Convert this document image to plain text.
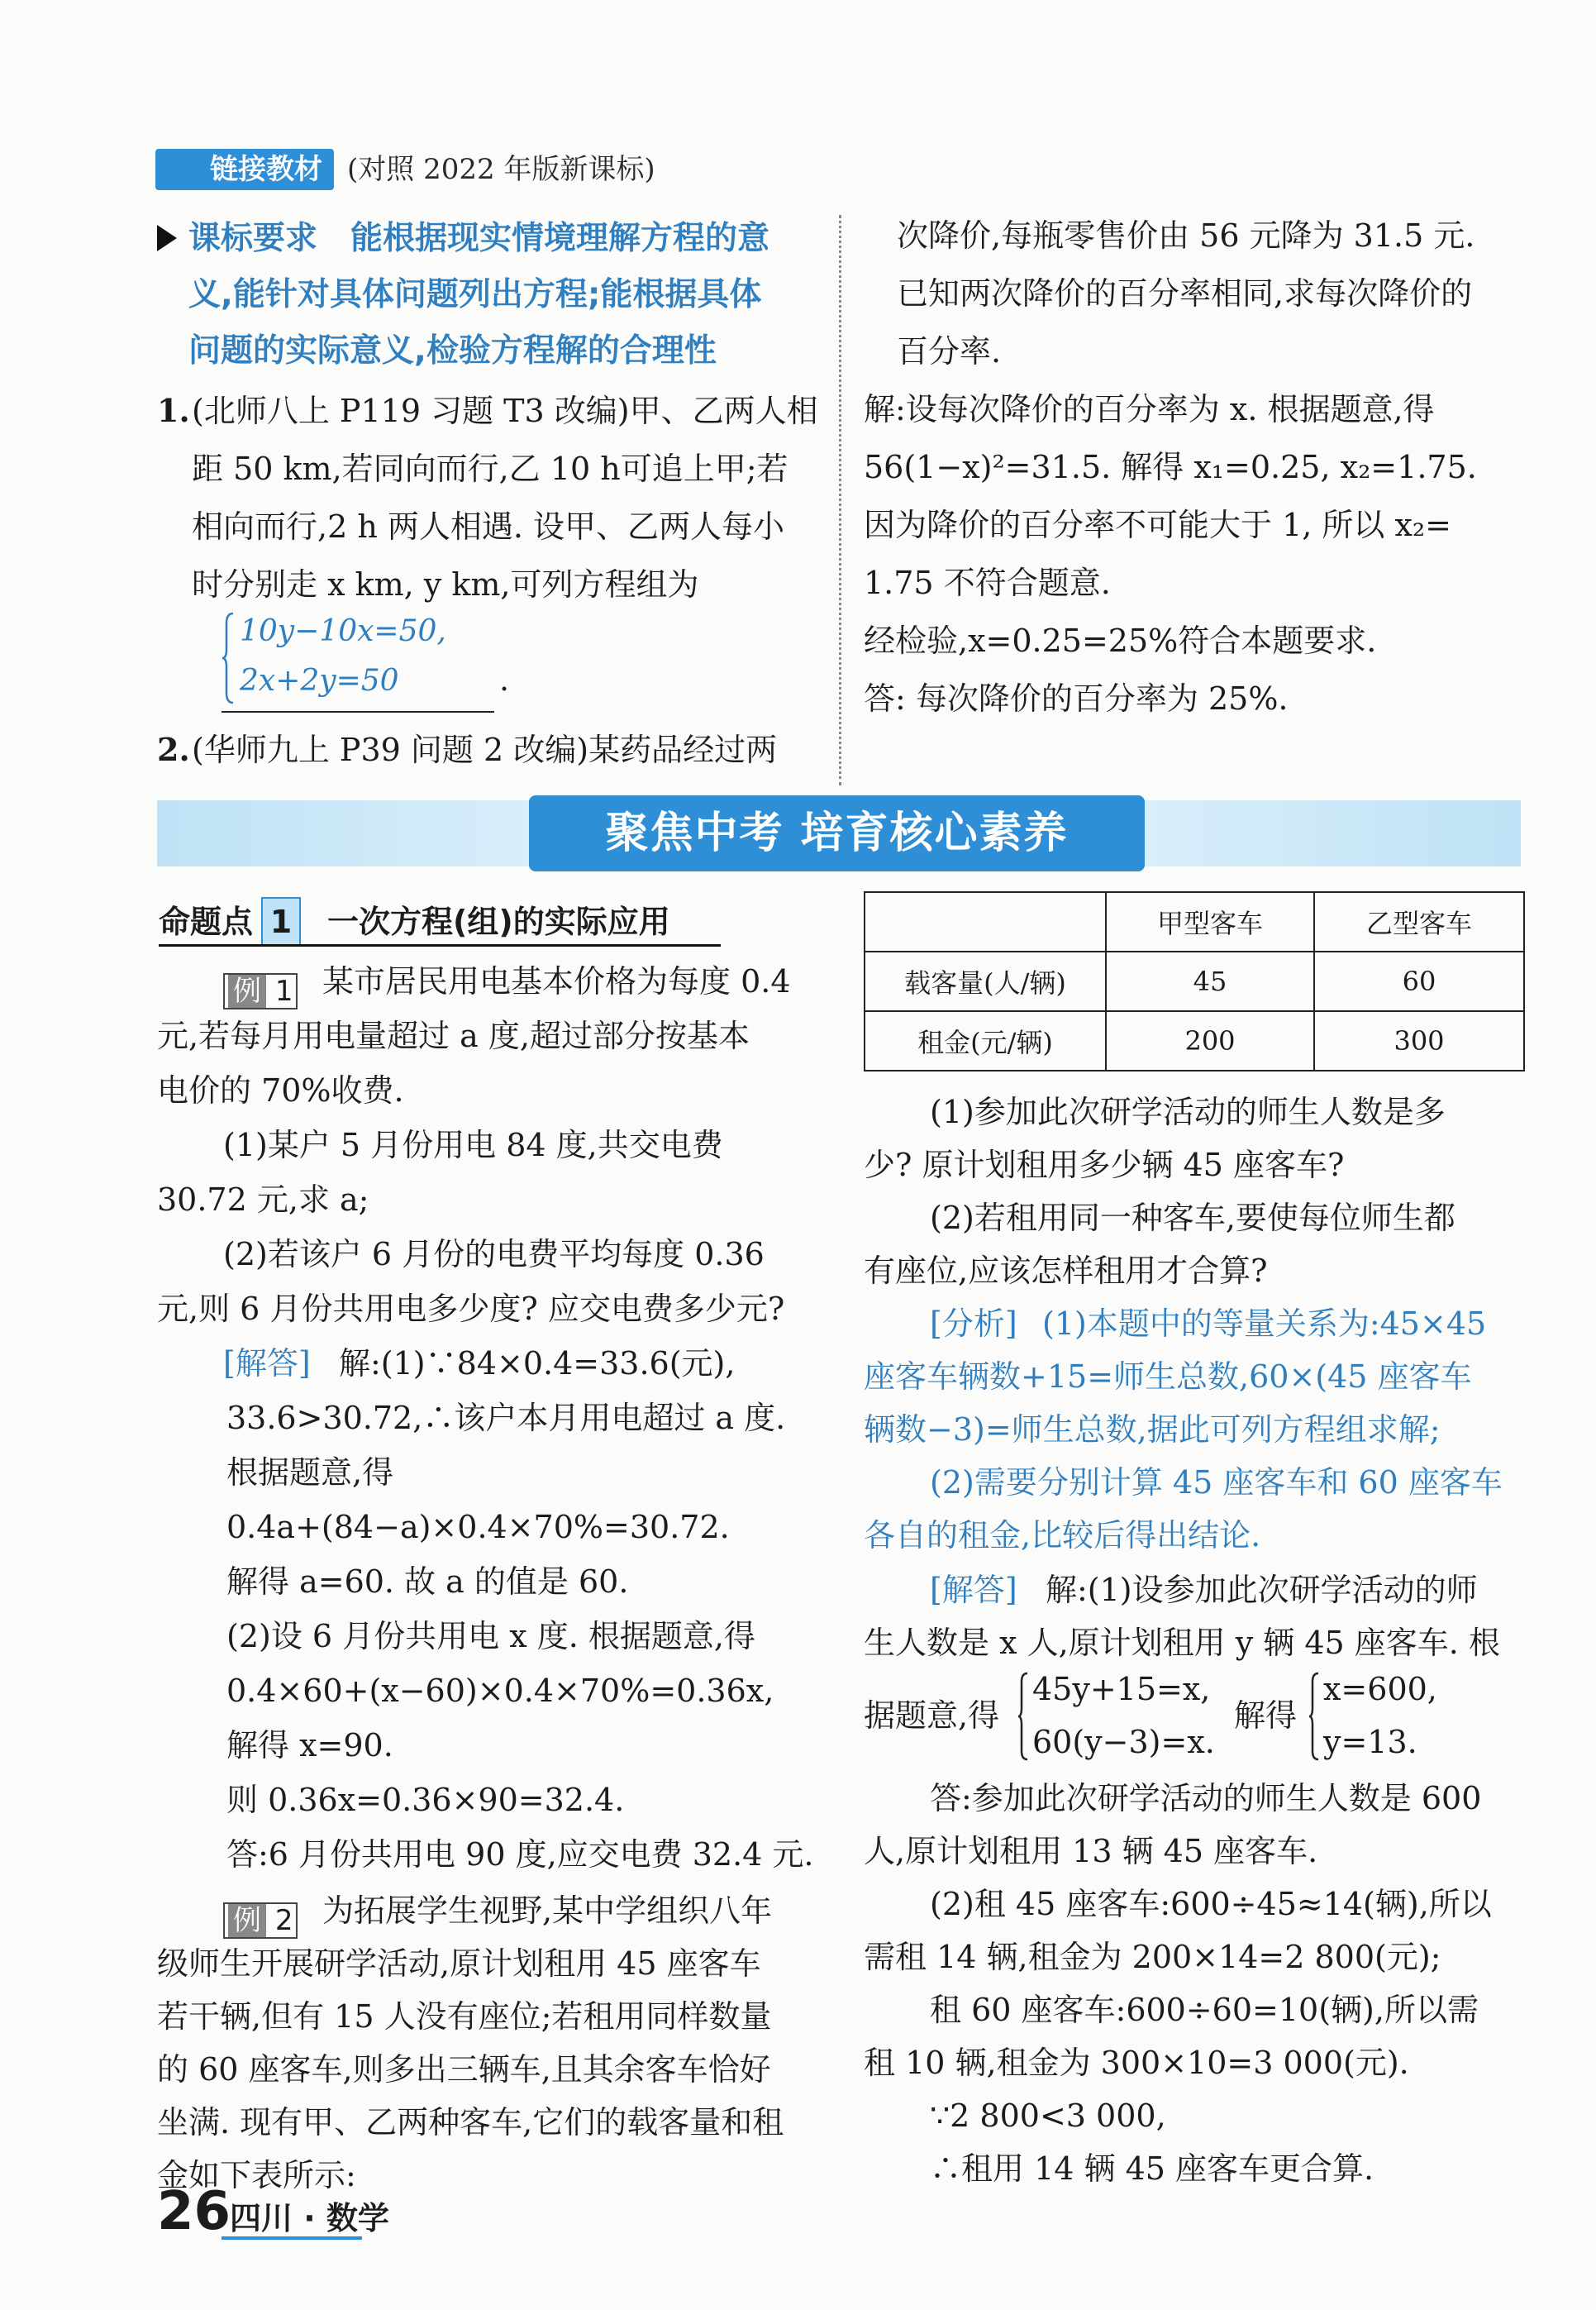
链接教材 (对照 2022 年版新课标)
课标要求 能根据现实情境理解方程的意
义,能针对具体问题列出方程;能根据具体
问题的实际意义,检验方程解的合理性
1. (北师八上 P119 习题 T3 改编)甲、乙两人相
距 50 km,若同向而行,乙 10 h可追上甲;若
相向而行,2 h 两人相遇. 设甲、乙两人每小
时分别走 x km, y km,可列方程组为
10y−10x=50,
2x+2y=50	.
2. (华师九上 P39 问题 2 改编)某药品经过两
次降价,每瓶零售价由 56 元降为 31.5 元.
已知两次降价的百分率相同,求每次降价的
百分率.
解:设每次降价的百分率为 x. 根据题意,得
56(1−x)²=31.5. 解得 x₁=0.25, x₂=1.75.
因为降价的百分率不可能大于 1, 所以 x₂=
1.75 不符合题意.
经检验,x=0.25=25%符合本题要求.
答: 每次降价的百分率为 25%.
聚焦中考 培育核心素养
命题点 1 一次方程(组)的实际应用
例 1 某市居民用电基本价格为每度 0.4
元,若每月用电量超过 a 度,超过部分按基本
电价的 70%收费.
(1)某户 5 月份用电 84 度,共交电费
30.72 元,求 a;
(2)若该户 6 月份的电费平均每度 0.36
元,则 6 月份共用电多少度? 应交电费多少元?
[解答] 解:(1)∵84×0.4=33.6(元),
33.6>30.72,∴该户本月用电超过 a 度.
根据题意,得
0.4a+(84−a)×0.4×70%=30.72.
解得 a=60. 故 a 的值是 60.
(2)设 6 月份共用电 x 度. 根据题意,得
0.4×60+(x−60)×0.4×70%=0.36x,
解得 x=90.
则 0.36x=0.36×90=32.4.
答:6 月份共用电 90 度,应交电费 32.4 元.
例 2 为拓展学生视野,某中学组织八年
级师生开展研学活动,原计划租用 45 座客车
若干辆,但有 15 人没有座位;若租用同样数量
的 60 座客车,则多出三辆车,且其余客车恰好
坐满. 现有甲、乙两种客车,它们的载客量和租
金如下表所示:
	甲型客车	乙型客车
载客量(人/辆)	45	60
租金(元/辆)	200	300
(1)参加此次研学活动的师生人数是多
少? 原计划租用多少辆 45 座客车?
(2)若租用同一种客车,要使每位师生都
有座位,应该怎样租用才合算?
[分析] (1)本题中的等量关系为:45×45
座客车辆数+15=师生总数,60×(45 座客车
辆数−3)=师生总数,据此可列方程组求解;
(2)需要分别计算 45 座客车和 60 座客车
各自的租金,比较后得出结论.
[解答] 解:(1)设参加此次研学活动的师
生人数是 x 人,原计划租用 y 辆 45 座客车. 根
据题意,得
45y+15=x,
60(y−3)=x.
解得
x=600,
y=13.
答:参加此次研学活动的师生人数是 600
人,原计划租用 13 辆 45 座客车.
(2)租 45 座客车:600÷45≈14(辆),所以
需租 14 辆,租金为 200×14=2 800(元);
租 60 座客车:600÷60=10(辆),所以需
租 10 辆,租金为 300×10=3 000(元).
∵2 800<3 000,
∴租用 14 辆 45 座客车更合算.
26
四川 · 数学
